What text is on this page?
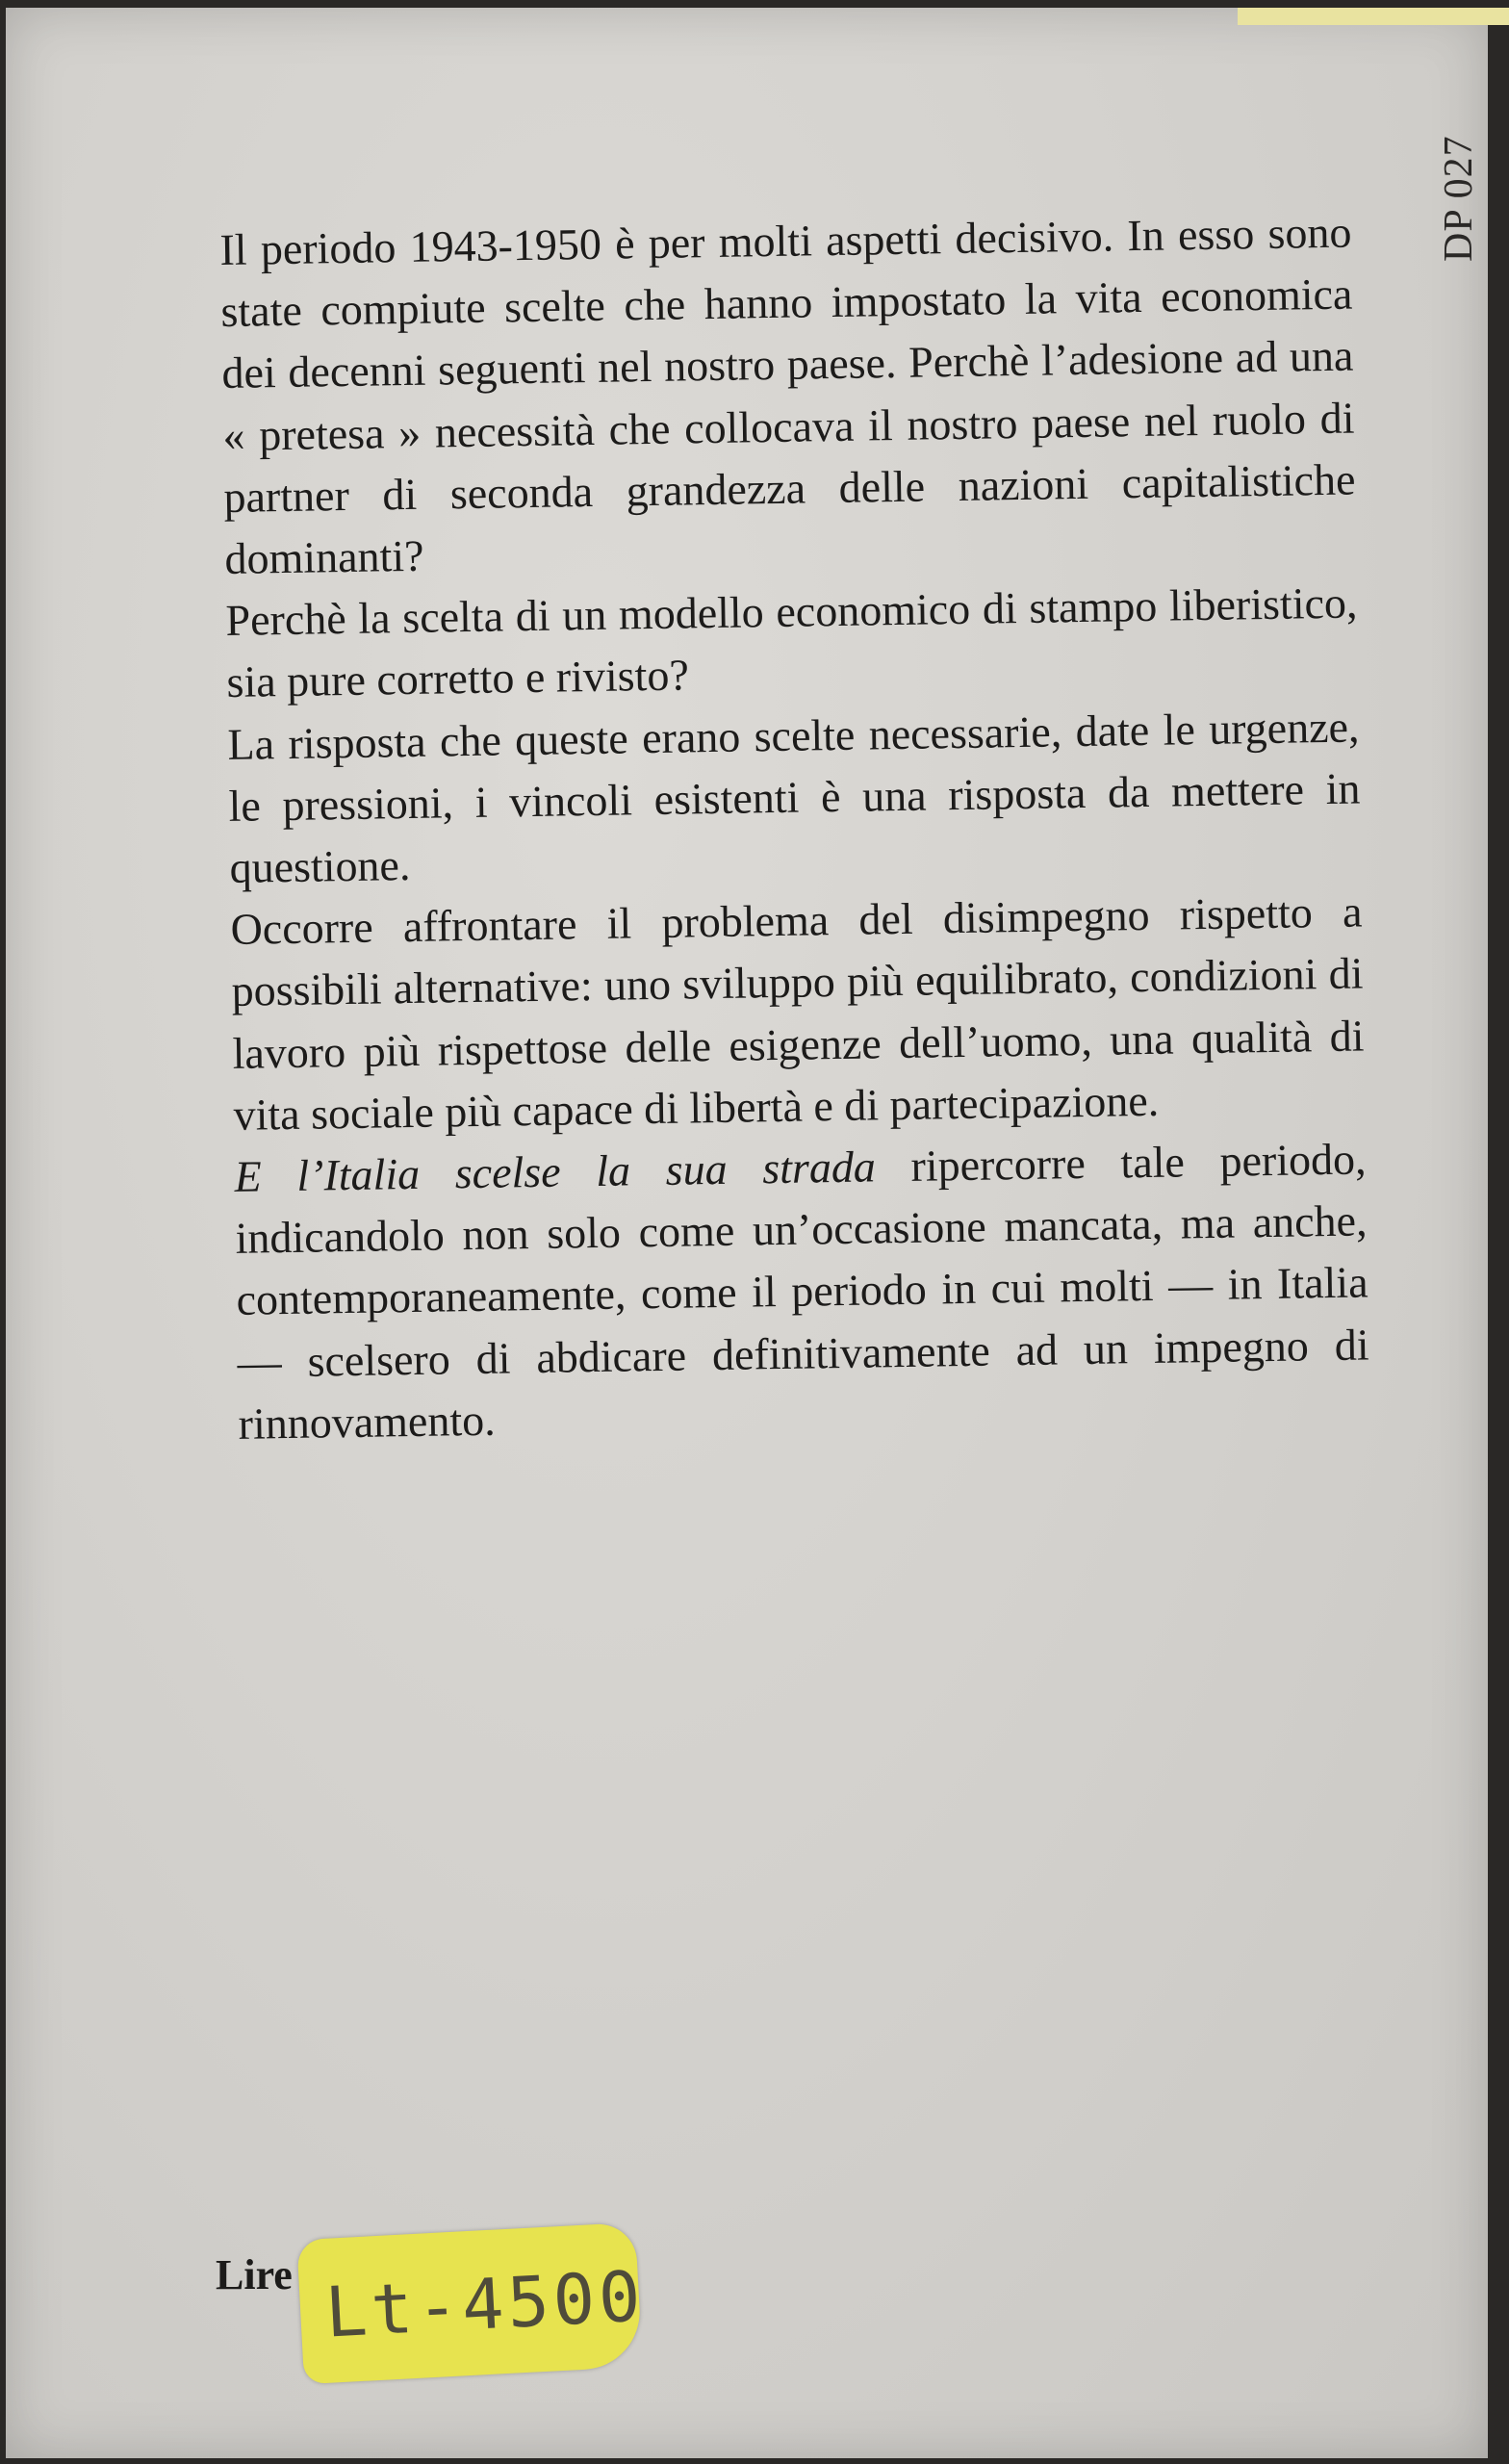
Il periodo 1943-1950 è per molti aspetti decisivo. In esso sono state compiute scelte che hanno impostato la vita economica dei decenni seguenti nel nostro paese. Perchè l’adesione ad una « pretesa » necessità che collocava il nostro paese nel ruolo di partner di seconda grandezza delle nazioni capitalistiche dominanti?

Perchè la scelta di un modello economico di stampo liberistico, sia pure corretto e rivisto?

La risposta che queste erano scelte necessarie, date le urgenze, le pressioni, i vincoli esistenti è una risposta da mettere in questione.

Occorre affrontare il problema del disimpegno rispetto a possibili alternative: uno sviluppo più equilibrato, condizioni di lavoro più rispettose delle esigenze dell’uomo, una qualità di vita sociale più capace di libertà e di partecipazione.

E l’Italia scelse la sua strada ripercorre tale periodo, indicandolo non solo come un’occasione mancata, ma anche, contemporaneamente, come il periodo in cui molti — in Italia — scelsero di abdicare definitivamente ad un impegno di rinnovamento.

DP 027
Lire Lt-4500
